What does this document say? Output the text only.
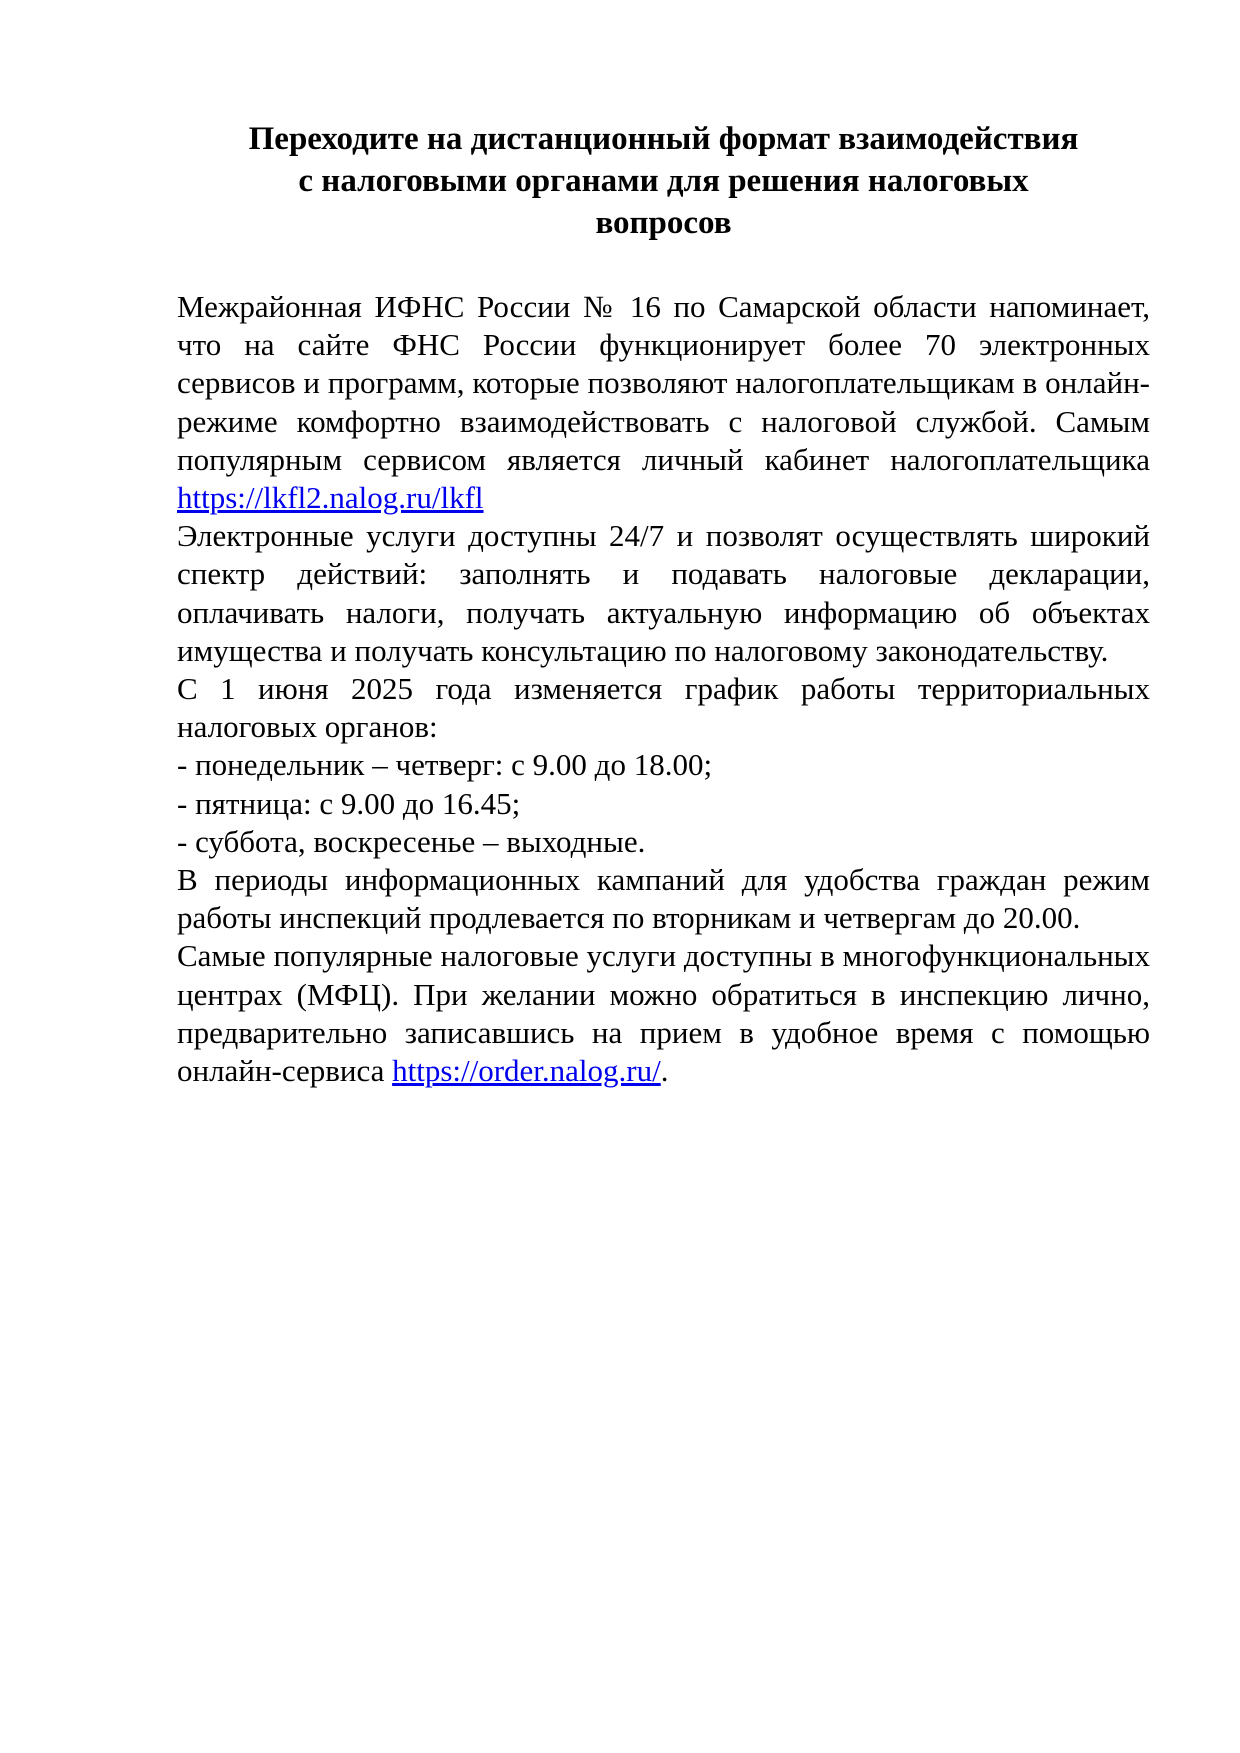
Переходите на дистанционный формат взаимодействия
с налоговыми органами для решения налоговых
вопросов

Межрайонная ИФНС России № 16 по Самарской области напоминает, что на сайте ФНС России функционирует более 70 электронных сервисов и программ, которые позволяют налогоплательщикам в онлайн-режиме комфортно взаимодействовать с налоговой службой. Самым популярным сервисом является личный кабинет налогоплательщика https://lkfl2.nalog.ru/lkfl

Электронные услуги доступны 24/7 и позволят осуществлять широкий спектр действий: заполнять и подавать налоговые декларации, оплачивать налоги, получать актуальную информацию об объектах имущества и получать консультацию по налоговому законодательству.

С 1 июня 2025 года изменяется график работы территориальных налоговых органов:

- понедельник – четверг: с 9.00 до 18.00;

- пятница: с 9.00 до 16.45;

- суббота, воскресенье – выходные.

В периоды информационных кампаний для удобства граждан режим работы инспекций продлевается по вторникам и четвергам до 20.00.

Самые популярные налоговые услуги доступны в многофункциональных центрах (МФЦ). При желании можно обратиться в инспекцию лично, предварительно записавшись на прием в удобное время с помощью онлайн-сервиса https://order.nalog.ru/.
